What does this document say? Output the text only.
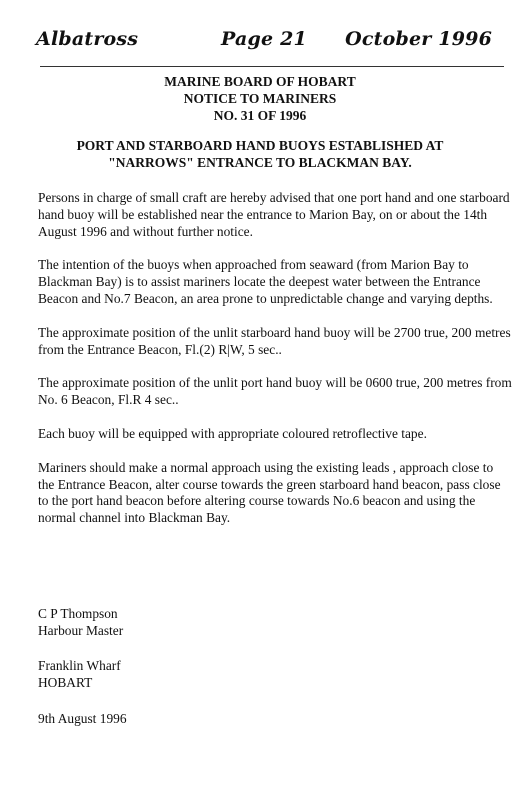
Albatross	Page 21	October 1996
MARINE BOARD OF HOBART
NOTICE TO MARINERS
NO. 31 OF 1996
PORT AND STARBOARD HAND BUOYS ESTABLISHED AT
"NARROWS" ENTRANCE TO BLACKMAN BAY.

Persons in charge of small craft are hereby advised that one port hand and one starboard hand buoy will be established near the entrance to Marion Bay, on or about the 14th August 1996 and without further notice.

The intention of the buoys when approached from seaward (from Marion Bay to Blackman Bay) is to assist mariners locate the deepest water between the Entrance Beacon and No.7 Beacon, an area prone to unpredictable change and varying depths.

The approximate position of the unlit starboard hand buoy will be 2700 true, 200 metres from the Entrance Beacon, Fl.(2) R|W, 5 sec..

The approximate position of the unlit port hand buoy will be 0600 true, 200 metres from No. 6 Beacon, Fl.R 4 sec..

Each buoy will be equipped with appropriate coloured retroflective tape.

Mariners should make a normal approach using the existing leads , approach close to the Entrance Beacon, alter course towards the green starboard hand beacon, pass close to the port hand beacon before altering course towards No.6 beacon and using the normal channel into Blackman Bay.

C P Thompson
Harbour Master
Franklin Wharf
HOBART
9th August 1996
